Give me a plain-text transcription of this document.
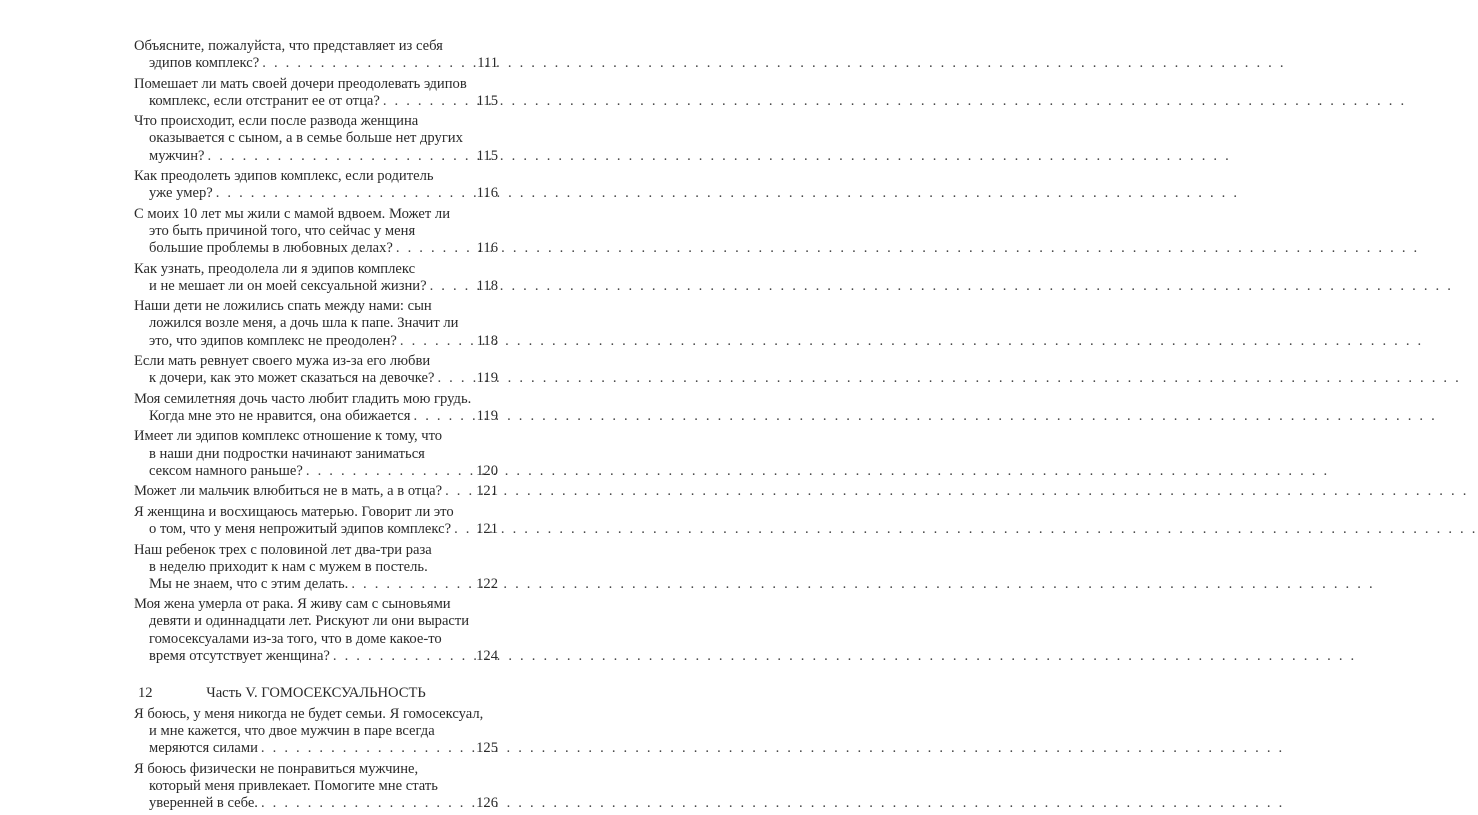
Объясните, пожалуйста, что представляет из себя
эдипов комплекс? . . .	111
Помешает ли мать своей дочери преодолевать эдипов
комплекс, если отстранит ее от отца? . . .	115
Что происходит, если после развода женщина
оказывается с сыном, а в семье больше нет других
мужчин? . . .	115
Как преодолеть эдипов комплекс, если родитель
уже умер? . . .	116
С моих 10 лет мы жили с мамой вдвоем. Может ли
это быть причиной того, что сейчас у меня
большие проблемы в любовных делах? . . .	116
Как узнать, преодолела ли я эдипов комплекс
и не мешает ли он моей сексуальной жизни? . . .	118
Наши дети не ложились спать между нами: сын
ложился возле меня, а дочь шла к папе. Значит ли
это, что эдипов комплекс не преодолен? . . .	118
Если мать ревнует своего мужа из-за его любви
к дочери, как это может сказаться на девочке? . . .	119
Моя семилетняя дочь часто любит гладить мою грудь.
Когда мне это не нравится, она обижается . . .	119
Имеет ли эдипов комплекс отношение к тому, что
в наши дни подростки начинают заниматься
сексом намного раньше? . . .	120
Может ли мальчик влюбиться не в мать, а в отца? . . .	121
Я женщина и восхищаюсь матерью. Говорит ли это
о том, что у меня непрожитый эдипов комплекс? . . .	121
Наш ребенок трех с половиной лет два-три раза
в неделю приходит к нам с мужем в постель.
Мы не знаем, что с этим делать. . . .	122
Моя жена умерла от рака. Я живу сам с сыновьями
девяти и одиннадцати лет. Рискуют ли они вырасти
гомосексуалами из-за того, что в доме какое-то
время отсутствует женщина? . . .	124
Часть V. ГОМОСЕКСУАЛЬНОСТЬ
Я боюсь, у меня никогда не будет семьи. Я гомосексуал,
и мне кажется, что двое мужчин в паре всегда
меряются силами . . .	125
Я боюсь физически не понравиться мужчине,
который меня привлекает. Помогите мне стать
уверенней в себе. . . .	126
12
